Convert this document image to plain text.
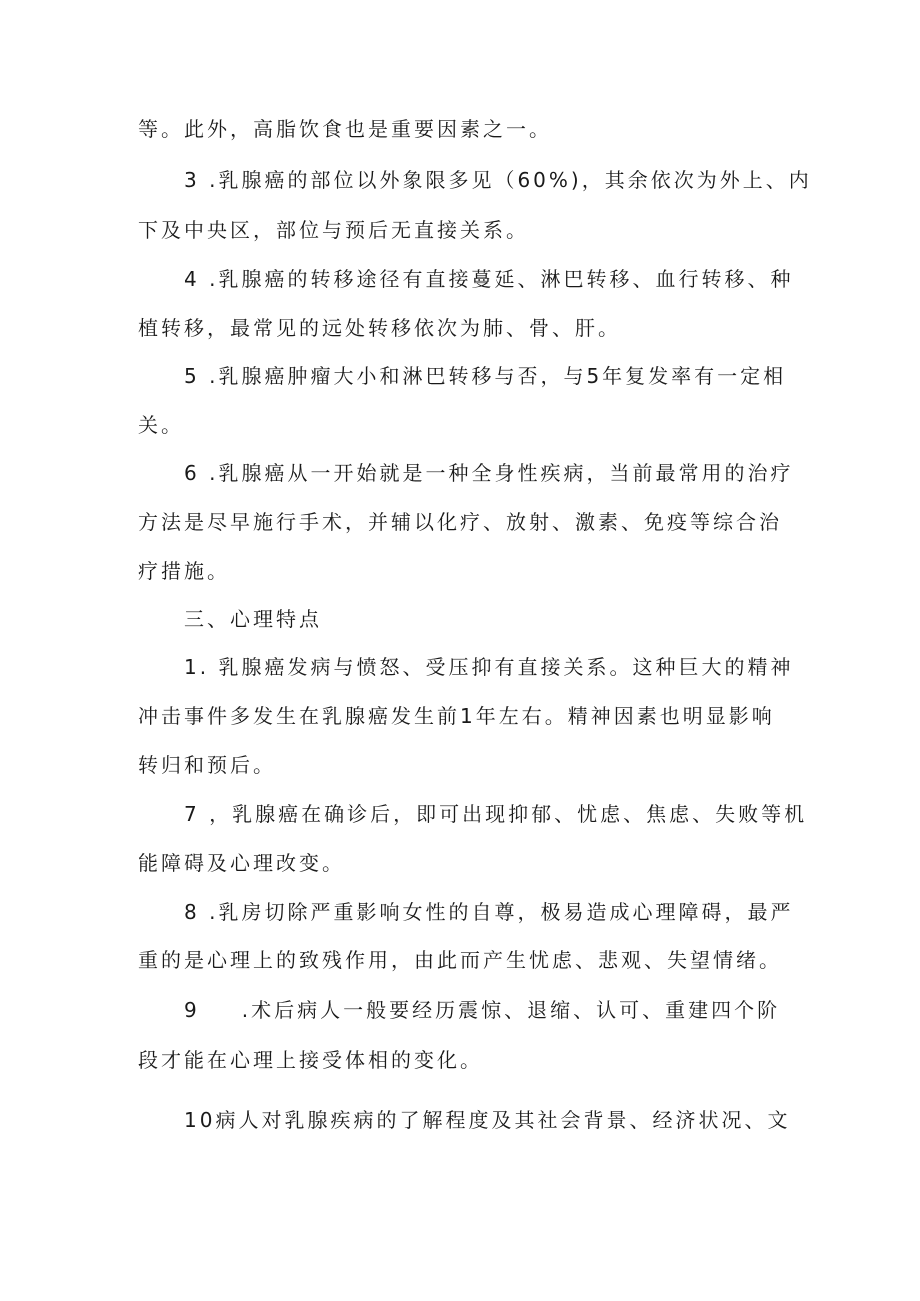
等。此外，高脂饮食也是重要因素之一。
3 .乳腺癌的部位以外象限多见（60%)，其余依次为外上、内
下及中央区，部位与预后无直接关系。
4 .乳腺癌的转移途径有直接蔓延、淋巴转移、血行转移、种
植转移，最常见的远处转移依次为肺、骨、肝。
5 .乳腺癌肿瘤大小和淋巴转移与否，与5年复发率有一定相
关。
6 .乳腺癌从一开始就是一种全身性疾病，当前最常用的治疗
方法是尽早施行手术，并辅以化疗、放射、激素、免疫等综合治
疗措施。
三、心理特点
1. 乳腺癌发病与愤怒、受压抑有直接关系。这种巨大的精神
冲击事件多发生在乳腺癌发生前1年左右。精神因素也明显影响
转归和预后。
7 ，乳腺癌在确诊后，即可出现抑郁、忧虑、焦虑、失败等机
能障碍及心理改变。
8 .乳房切除严重影响女性的自尊，极易造成心理障碍，最严
重的是心理上的致残作用，由此而产生忧虑、悲观、失望情绪。
9 .术后病人一般要经历震惊、退缩、认可、重建四个阶
段才能在心理上接受体相的变化。
10病人对乳腺疾病的了解程度及其社会背景、经济状况、文
